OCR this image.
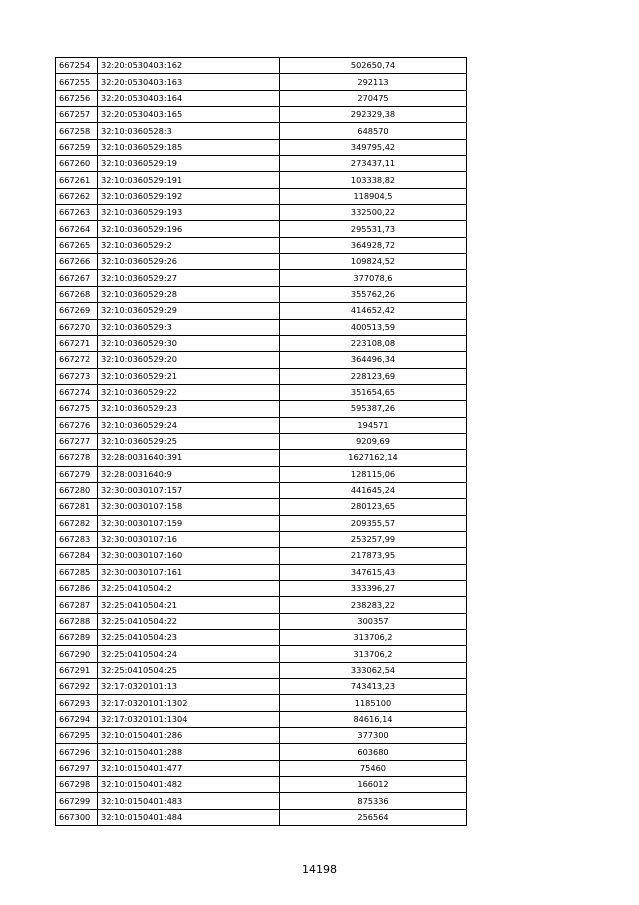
667254	32:20:0530403:162	502650,74
667255	32:20:0530403:163	292113
667256	32:20:0530403:164	270475
667257	32:20:0530403:165	292329,38
667258	32:10:0360528:3	648570
667259	32:10:0360529:185	349795,42
667260	32:10:0360529:19	273437,11
667261	32:10:0360529:191	103338,82
667262	32:10:0360529:192	118904,5
667263	32:10:0360529:193	332500,22
667264	32:10:0360529:196	295531,73
667265	32:10:0360529:2	364928,72
667266	32:10:0360529:26	109824,52
667267	32:10:0360529:27	377078,6
667268	32:10:0360529:28	355762,26
667269	32:10:0360529:29	414652,42
667270	32:10:0360529:3	400513,59
667271	32:10:0360529:30	223108,08
667272	32:10:0360529:20	364496,34
667273	32:10:0360529:21	228123,69
667274	32:10:0360529:22	351654,65
667275	32:10:0360529:23	595387,26
667276	32:10:0360529:24	194571
667277	32:10:0360529:25	9209,69
667278	32:28:0031640:391	1627162,14
667279	32:28:0031640:9	128115,06
667280	32:30:0030107:157	441645,24
667281	32:30:0030107:158	280123,65
667282	32:30:0030107:159	209355,57
667283	32:30:0030107:16	253257,99
667284	32:30:0030107:160	217873,95
667285	32:30:0030107:161	347615,43
667286	32:25:0410504:2	333396,27
667287	32:25:0410504:21	238283,22
667288	32:25:0410504:22	300357
667289	32:25:0410504:23	313706,2
667290	32:25:0410504:24	313706,2
667291	32:25:0410504:25	333062,54
667292	32:17:0320101:13	743413,23
667293	32:17:0320101:1302	1185100
667294	32:17:0320101:1304	84616,14
667295	32:10:0150401:286	377300
667296	32:10:0150401:288	603680
667297	32:10:0150401:477	75460
667298	32:10:0150401:482	166012
667299	32:10:0150401:483	875336
667300	32:10:0150401:484	256564
14198
